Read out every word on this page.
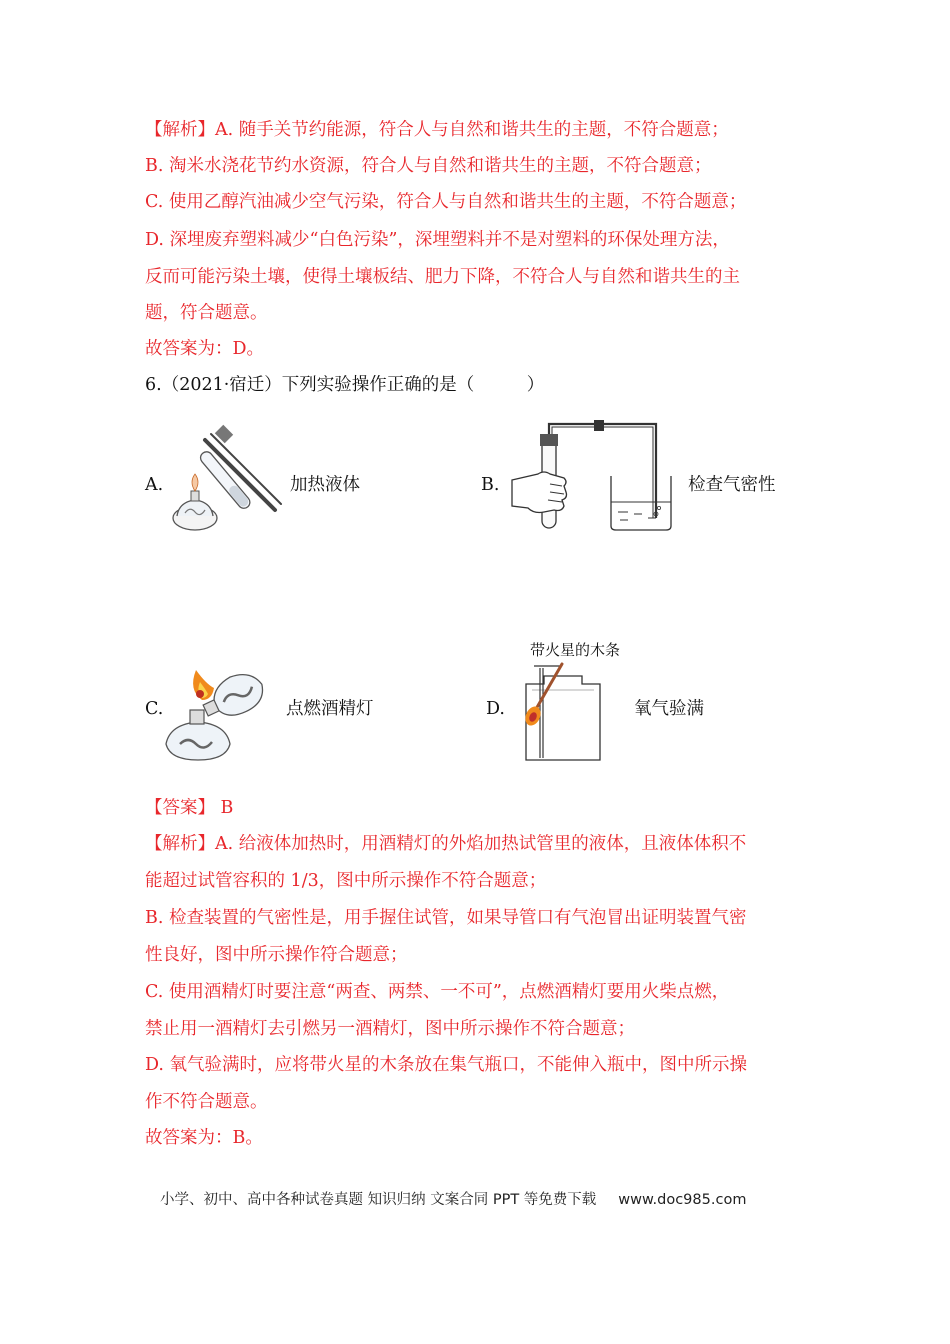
【解析】A. 随手关节约能源，符合人与自然和谐共生的主题，不符合题意；
B. 淘米水浇花节约水资源，符合人与自然和谐共生的主题，不符合题意；
C. 使用乙醇汽油减少空气污染，符合人与自然和谐共生的主题，不符合题意；
D. 深埋废弃塑料减少“白色污染”，深埋塑料并不是对塑料的环保处理方法，
反而可能污染土壤，使得土壤板结、肥力下降，不符合人与自然和谐共生的主
题，符合题意。
故答案为：D。
6.（2021·宿迁）下列实验操作正确的是（　　　）
A.	加热液体	B.	检查气密性
C.	点燃酒精灯	D.
带火星的木条
氧气验满
【答案】 B
【解析】A. 给液体加热时，用酒精灯的外焰加热试管里的液体，且液体体积不
能超过试管容积的 1/3，图中所示操作不符合题意；
B. 检查装置的气密性是，用手握住试管，如果导管口有气泡冒出证明装置气密
性良好，图中所示操作符合题意；
C. 使用酒精灯时要注意“两查、两禁、一不可”，点燃酒精灯要用火柴点燃，
禁止用一酒精灯去引燃另一酒精灯，图中所示操作不符合题意；
D. 氧气验满时，应将带火星的木条放在集气瓶口，不能伸入瓶中，图中所示操
作不符合题意。
故答案为：B。
小学、初中、高中各种试卷真题 知识归纳 文案合同 PPT 等免费下载 www.doc985.com
